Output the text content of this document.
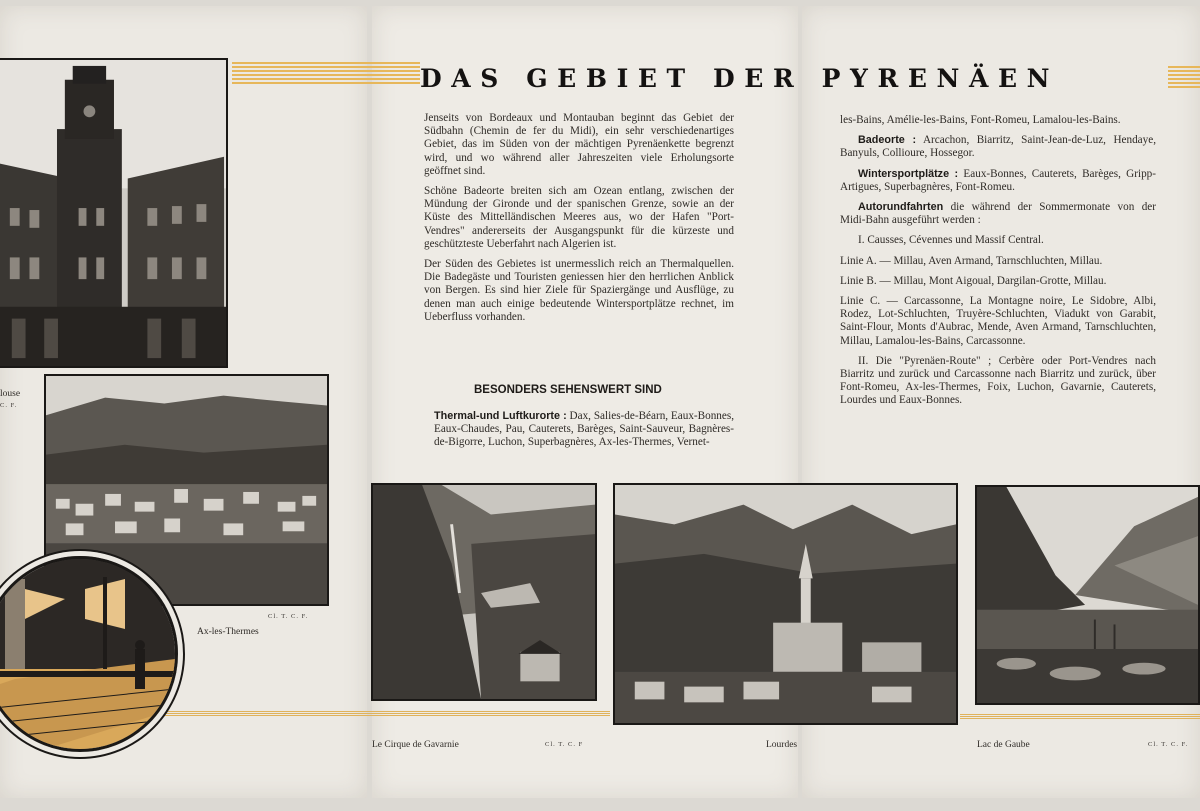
DAS GEBIET DER PYRENÄEN
louse
C. F.
Cl. T. C. F.
Ax-les-Thermes

Jenseits von Bordeaux und Montauban beginnt das Gebiet der Südbahn (Chemin de fer du Midi), ein sehr verschiedenartiges Gebiet, das im Süden von der mächtigen Pyrenäenkette begrenzt wird, und wo während aller Jahreszeiten viele Erholungsorte geöffnet sind.

Schöne Badeorte breiten sich am Ozean entlang, zwischen der Mündung der Gironde und der spanischen Grenze, sowie an der Küste des Mittelländischen Meeres aus, wo der Hafen "Port-Vendres" andererseits der Ausgangspunkt für die kürzeste und geschützteste Ueberfahrt nach Algerien ist.

Der Süden des Gebietes ist unermesslich reich an Thermalquellen. Die Badegäste und Touristen geniessen hier den herrlichen Anblick von Bergen. Es sind hier Ziele für Spaziergänge und Ausflüge, zu denen man auch einige bedeutende Wintersportplätze rechnet, im Ueberfluss vorhanden.

BESONDERS SEHENSWERT SIND

Thermal-und Luftkurorte : Dax, Salies-de-Béarn, Eaux-Bonnes, Eaux-Chaudes, Pau, Cauterets, Barèges, Saint-Sauveur, Bagnères-de-Bigorre, Luchon, Superbagnères, Ax-les-Thermes, Vernet-

les-Bains, Amélie-les-Bains, Font-Romeu, Lamalou-les-Bains.

Badeorte : Arcachon, Biarritz, Saint-Jean-de-Luz, Hendaye, Banyuls, Collioure, Hossegor.

Wintersportplätze : Eaux-Bonnes, Cauterets, Barèges, Gripp-Artigues, Superbagnères, Font-Romeu.

Autorundfahrten die während der Sommermonate von der Midi-Bahn ausgeführt werden :

I. Causses, Cévennes und Massif Central.

Linie A. — Millau, Aven Armand, Tarnschluchten, Millau.

Linie B. — Millau, Mont Aigoual, Dargilan-Grotte, Millau.

Linie C. — Carcassonne, La Montagne noire, Le Sidobre, Albi, Rodez, Lot-Schluchten, Truyère-Schluchten, Viadukt von Garabit, Saint-Flour, Monts d'Aubrac, Mende, Aven Armand, Tarnschluchten, Millau, Lamalou-les-Bains, Carcassonne.

II. Die "Pyrenäen-Route" ; Cerbère oder Port-Vendres nach Biarritz und zurück und Carcassonne nach Biarritz und zurück, über Font-Romeu, Ax-les-Thermes, Foix, Luchon, Gavarnie, Cauterets, Lourdes und Eaux-Bonnes.

Le Cirque de Gavarnie	Cl. T. C. F	Lourdes	Lac de Gaube	Cl. T. C. F.
